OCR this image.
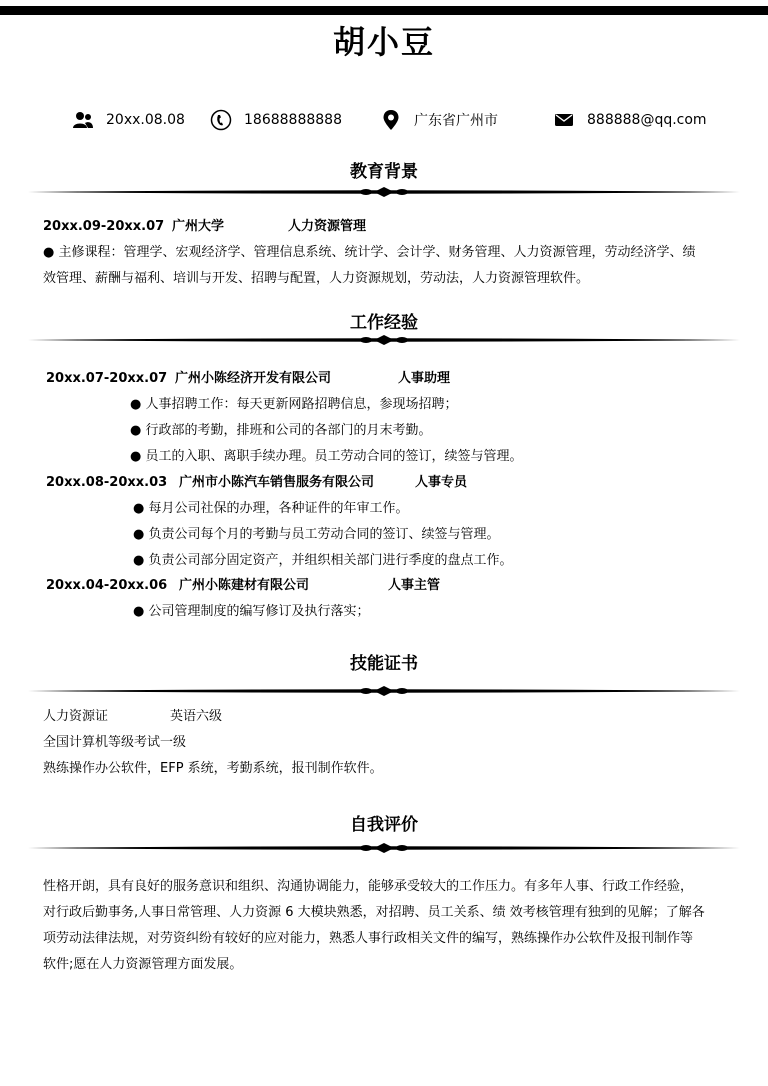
胡小豆
20xx.08.08	18688888888	广东省广州市	888888@qq.com
教育背景
20xx.09-20xx.07 广州大学	人力资源管理
● 主修课程：管理学、宏观经济学、管理信息系统、统计学、会计学、财务管理、人力资源管理，劳动经济学、绩
效管理、薪酬与福利、培训与开发、招聘与配置，人力资源规划，劳动法，人力资源管理软件。
工作经验
20xx.07-20xx.07 广州小陈经济开发有限公司	人事助理
● 人事招聘工作：每天更新网路招聘信息，参现场招聘；
● 行政部的考勤，排班和公司的各部门的月末考勤。
● 员工的入职、离职手续办理。员工劳动合同的签订，续签与管理。
20xx.08-20xx.03 广州市小陈汽车销售服务有限公司	人事专员
● 每月公司社保的办理，各种证件的年审工作。
● 负责公司每个月的考勤与员工劳动合同的签订、续签与管理。
● 负责公司部分固定资产，并组织相关部门进行季度的盘点工作。
20xx.04-20xx.06 广州小陈建材有限公司	人事主管
● 公司管理制度的编写修订及执行落实；
技能证书
人力资源证	英语六级
全国计算机等级考试一级
熟练操作办公软件，EFP 系统，考勤系统，报刊制作软件。
自我评价
性格开朗，具有良好的服务意识和组织、沟通协调能力，能够承受较大的工作压力。有多年人事、行政工作经验，
对行政后勤事务,人事日常管理、人力资源 6 大模块熟悉，对招聘、员工关系、绩 效考核管理有独到的见解；了解各
项劳动法律法规，对劳资纠纷有较好的应对能力，熟悉人事行政相关文件的编写，熟练操作办公软件及报刊制作等
软件;愿在人力资源管理方面发展。
